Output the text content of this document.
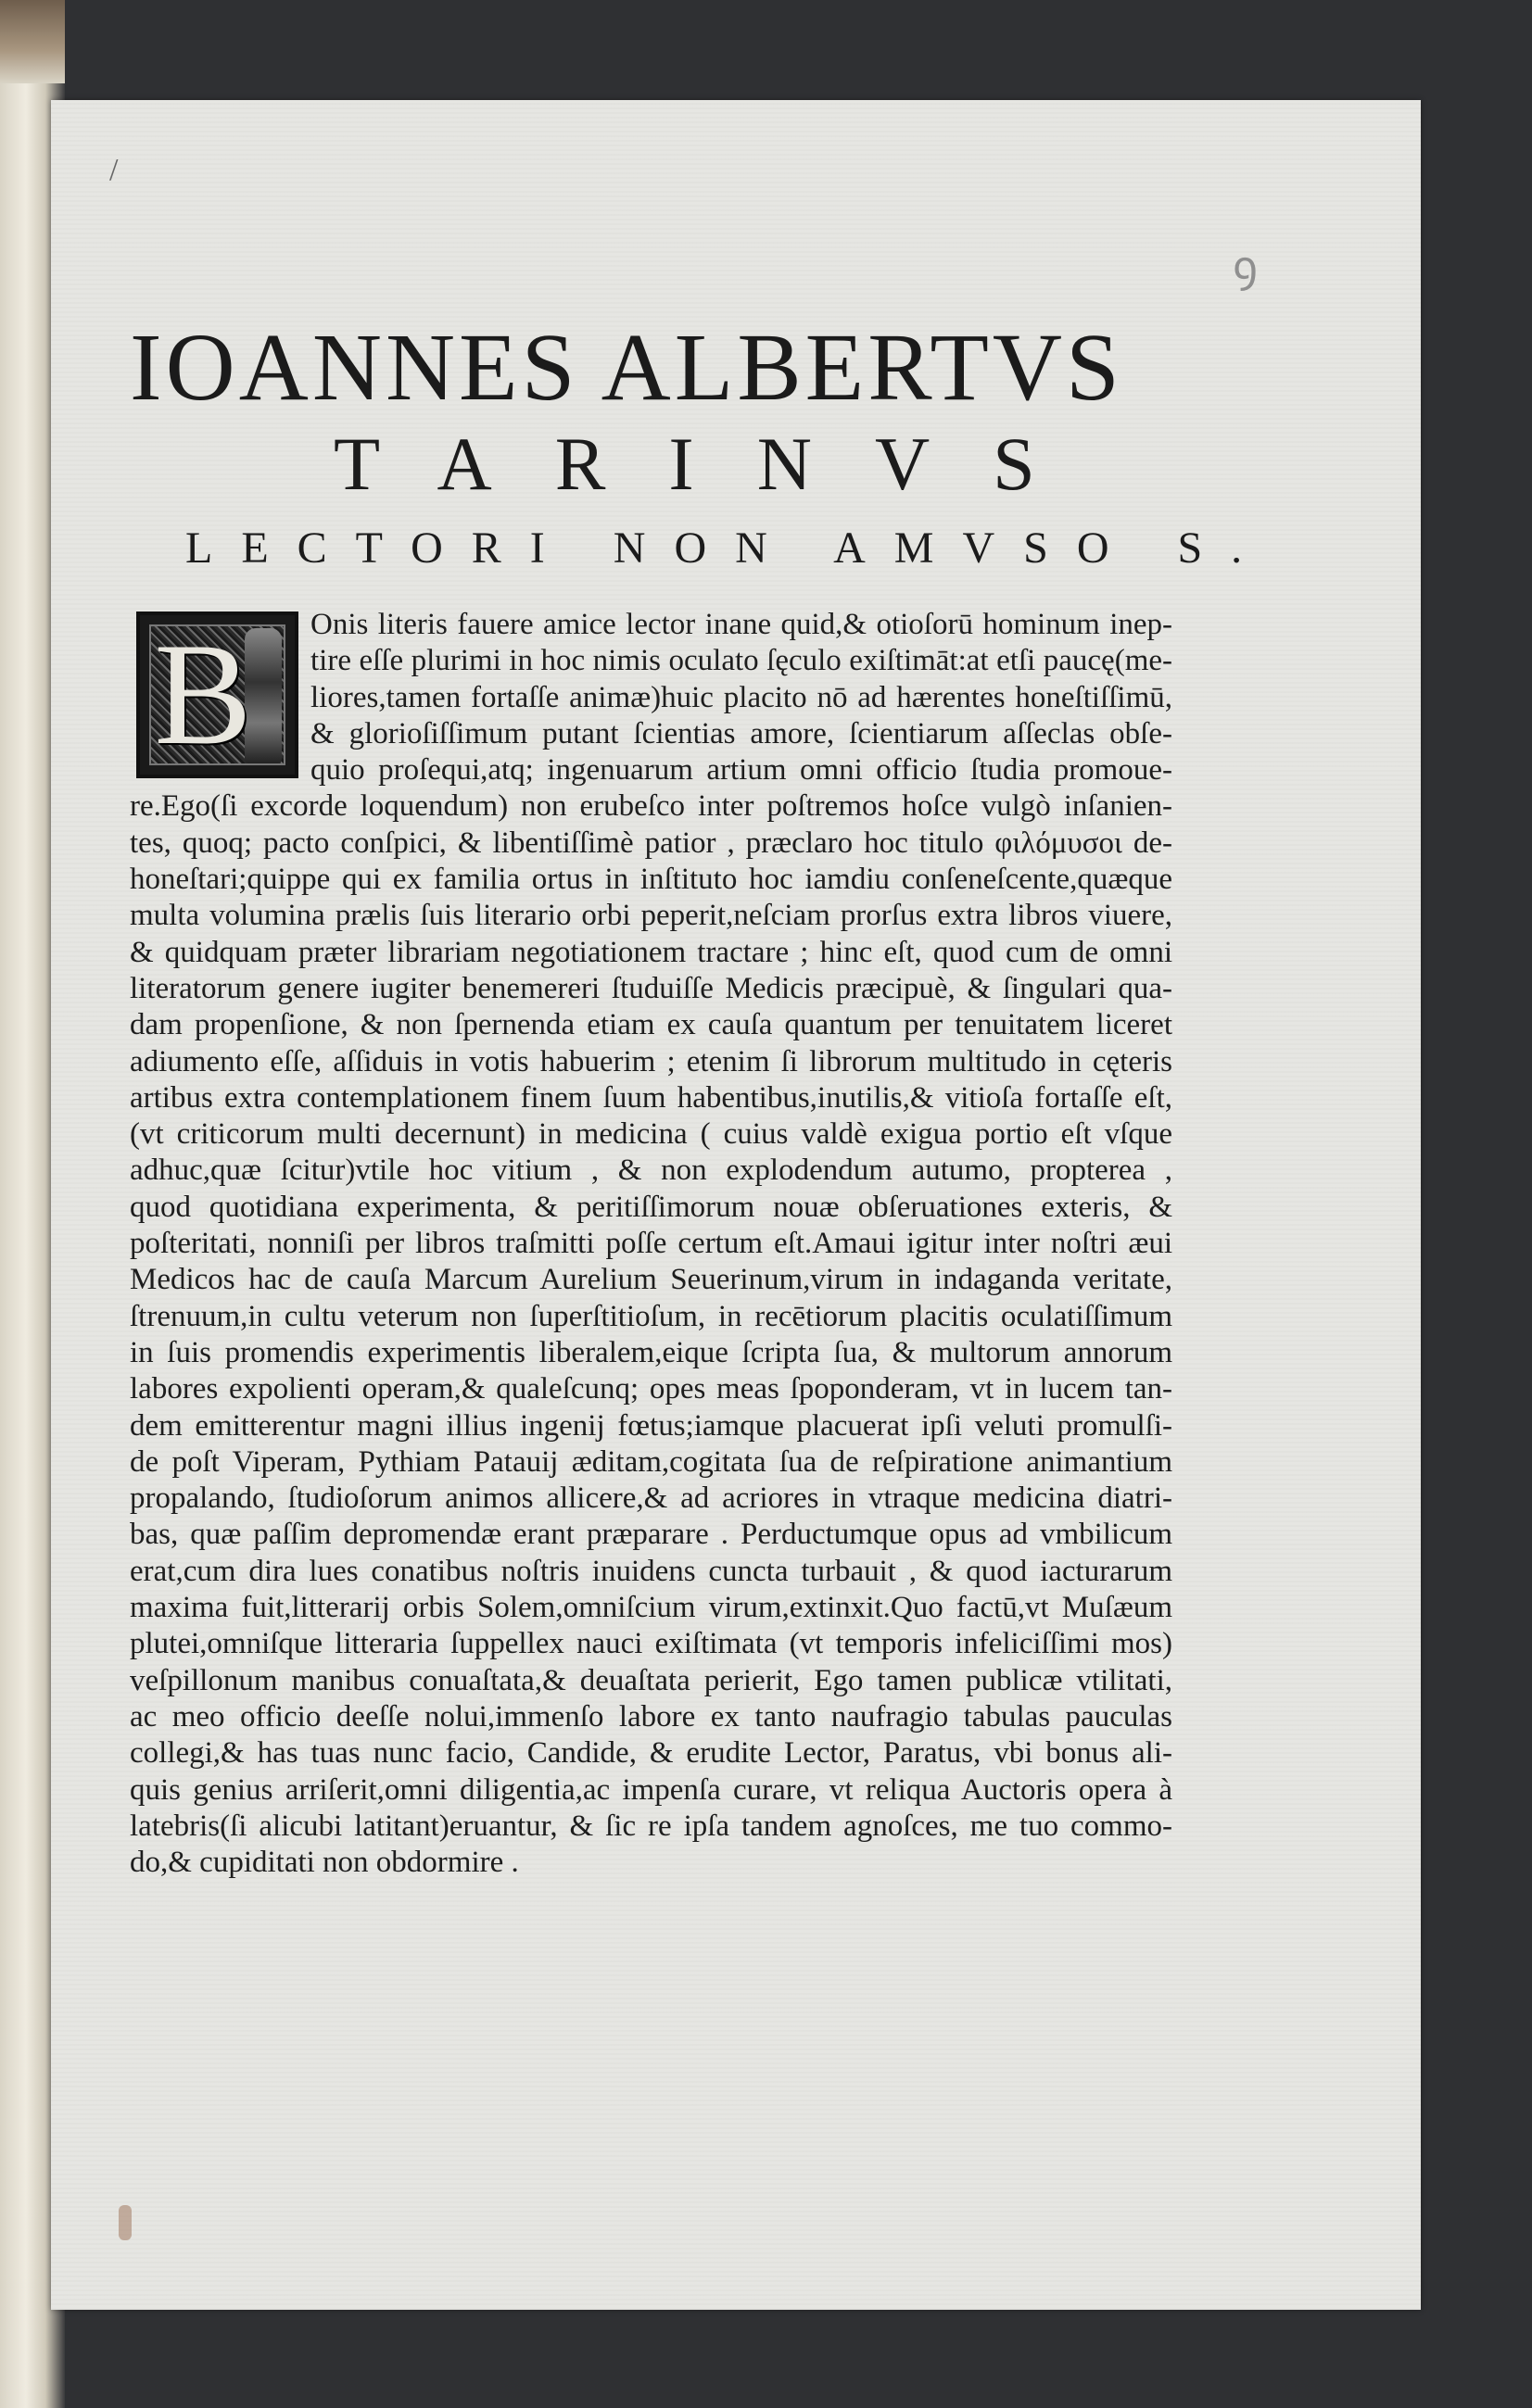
/
ꝯ
IOANNES ALBERTVS
TARINVS
LECTORI NON AMVSO S.
B	Onis literis fauere amice lector inane quid,& otioſorū hominum inep-
tire eſſe plurimi in hoc nimis oculato ſęculo exiſtimāt:at etſi paucę(me-
liores,tamen fortaſſe animæ)huic placito nō ad hærentes honeſtiſſimū,
& glorioſiſſimum putant ſcientias amore, ſcientiarum aſſeclas obſe-
quio proſequi,atq; ingenuarum artium omni officio ſtudia promoue-
re.Ego(ſi excorde loquendum) non erubeſco inter poſtremos hoſce vulgò inſanien-
tes, quoq; pacto conſpici, & libentiſſimè patior , præclaro hoc titulo φιλόμυσοι de-
honeſtari;quippe qui ex familia ortus in inſtituto hoc iamdiu conſeneſcente,quæque
multa volumina prælis ſuis literario orbi peperit,neſciam prorſus extra libros viuere,
& quidquam præter librariam negotiationem tractare ; hinc eſt, quod cum de omni
literatorum genere iugiter benemereri ſtuduiſſe Medicis præcipuè, & ſingulari qua-
dam propenſione, & non ſpernenda etiam ex cauſa quantum per tenuitatem liceret
adiumento eſſe, aſſiduis in votis habuerim ; etenim ſi librorum multitudo in cęteris
artibus extra contemplationem finem ſuum habentibus,inutilis,& vitioſa fortaſſe eſt,
(vt criticorum multi decernunt) in medicina ( cuius valdè exigua portio eſt vſque
adhuc,quæ ſcitur)vtile hoc vitium , & non explodendum autumo, propterea ,
quod quotidiana experimenta, & peritiſſimorum nouæ obſeruationes exteris, &
poſteritati, nonniſi per libros traſmitti poſſe certum eſt.Amaui igitur inter noſtri æui
Medicos hac de cauſa Marcum Aurelium Seuerinum,virum in indaganda veritate,
ſtrenuum,in cultu veterum non ſuperſtitioſum, in recētiorum placitis oculatiſſimum
in ſuis promendis experimentis liberalem,eique ſcripta ſua, & multorum annorum
labores expolienti operam,& qualeſcunq; opes meas ſpoponderam, vt in lucem tan-
dem emitterentur magni illius ingenij fœtus;iamque placuerat ipſi veluti promulſi-
de poſt Viperam, Pythiam Patauij æditam,cogitata ſua de reſpiratione animantium
propalando, ſtudioſorum animos allicere,& ad acriores in vtraque medicina diatri-
bas, quæ paſſim depromendæ erant præparare . Perductumque opus ad vmbilicum
erat,cum dira lues conatibus noſtris inuidens cuncta turbauit , & quod iacturarum
maxima fuit,litterarij orbis Solem,omniſcium virum,extinxit.Quo factū,vt Muſæum
plutei,omniſque litteraria ſuppellex nauci exiſtimata (vt temporis infeliciſſimi mos)
veſpillonum manibus conuaſtata,& deuaſtata perierit, Ego tamen publicæ vtilitati,
ac meo officio deeſſe nolui,immenſo labore ex tanto naufragio tabulas pauculas
collegi,& has tuas nunc facio, Candide, & erudite Lector, Paratus, vbi bonus ali-
quis genius arriſerit,omni diligentia,ac impenſa curare, vt reliqua Auctoris opera à
latebris(ſi alicubi latitant)eruantur, & ſic re ipſa tandem agnoſces, me tuo commo-
do,& cupiditati non obdormire .
